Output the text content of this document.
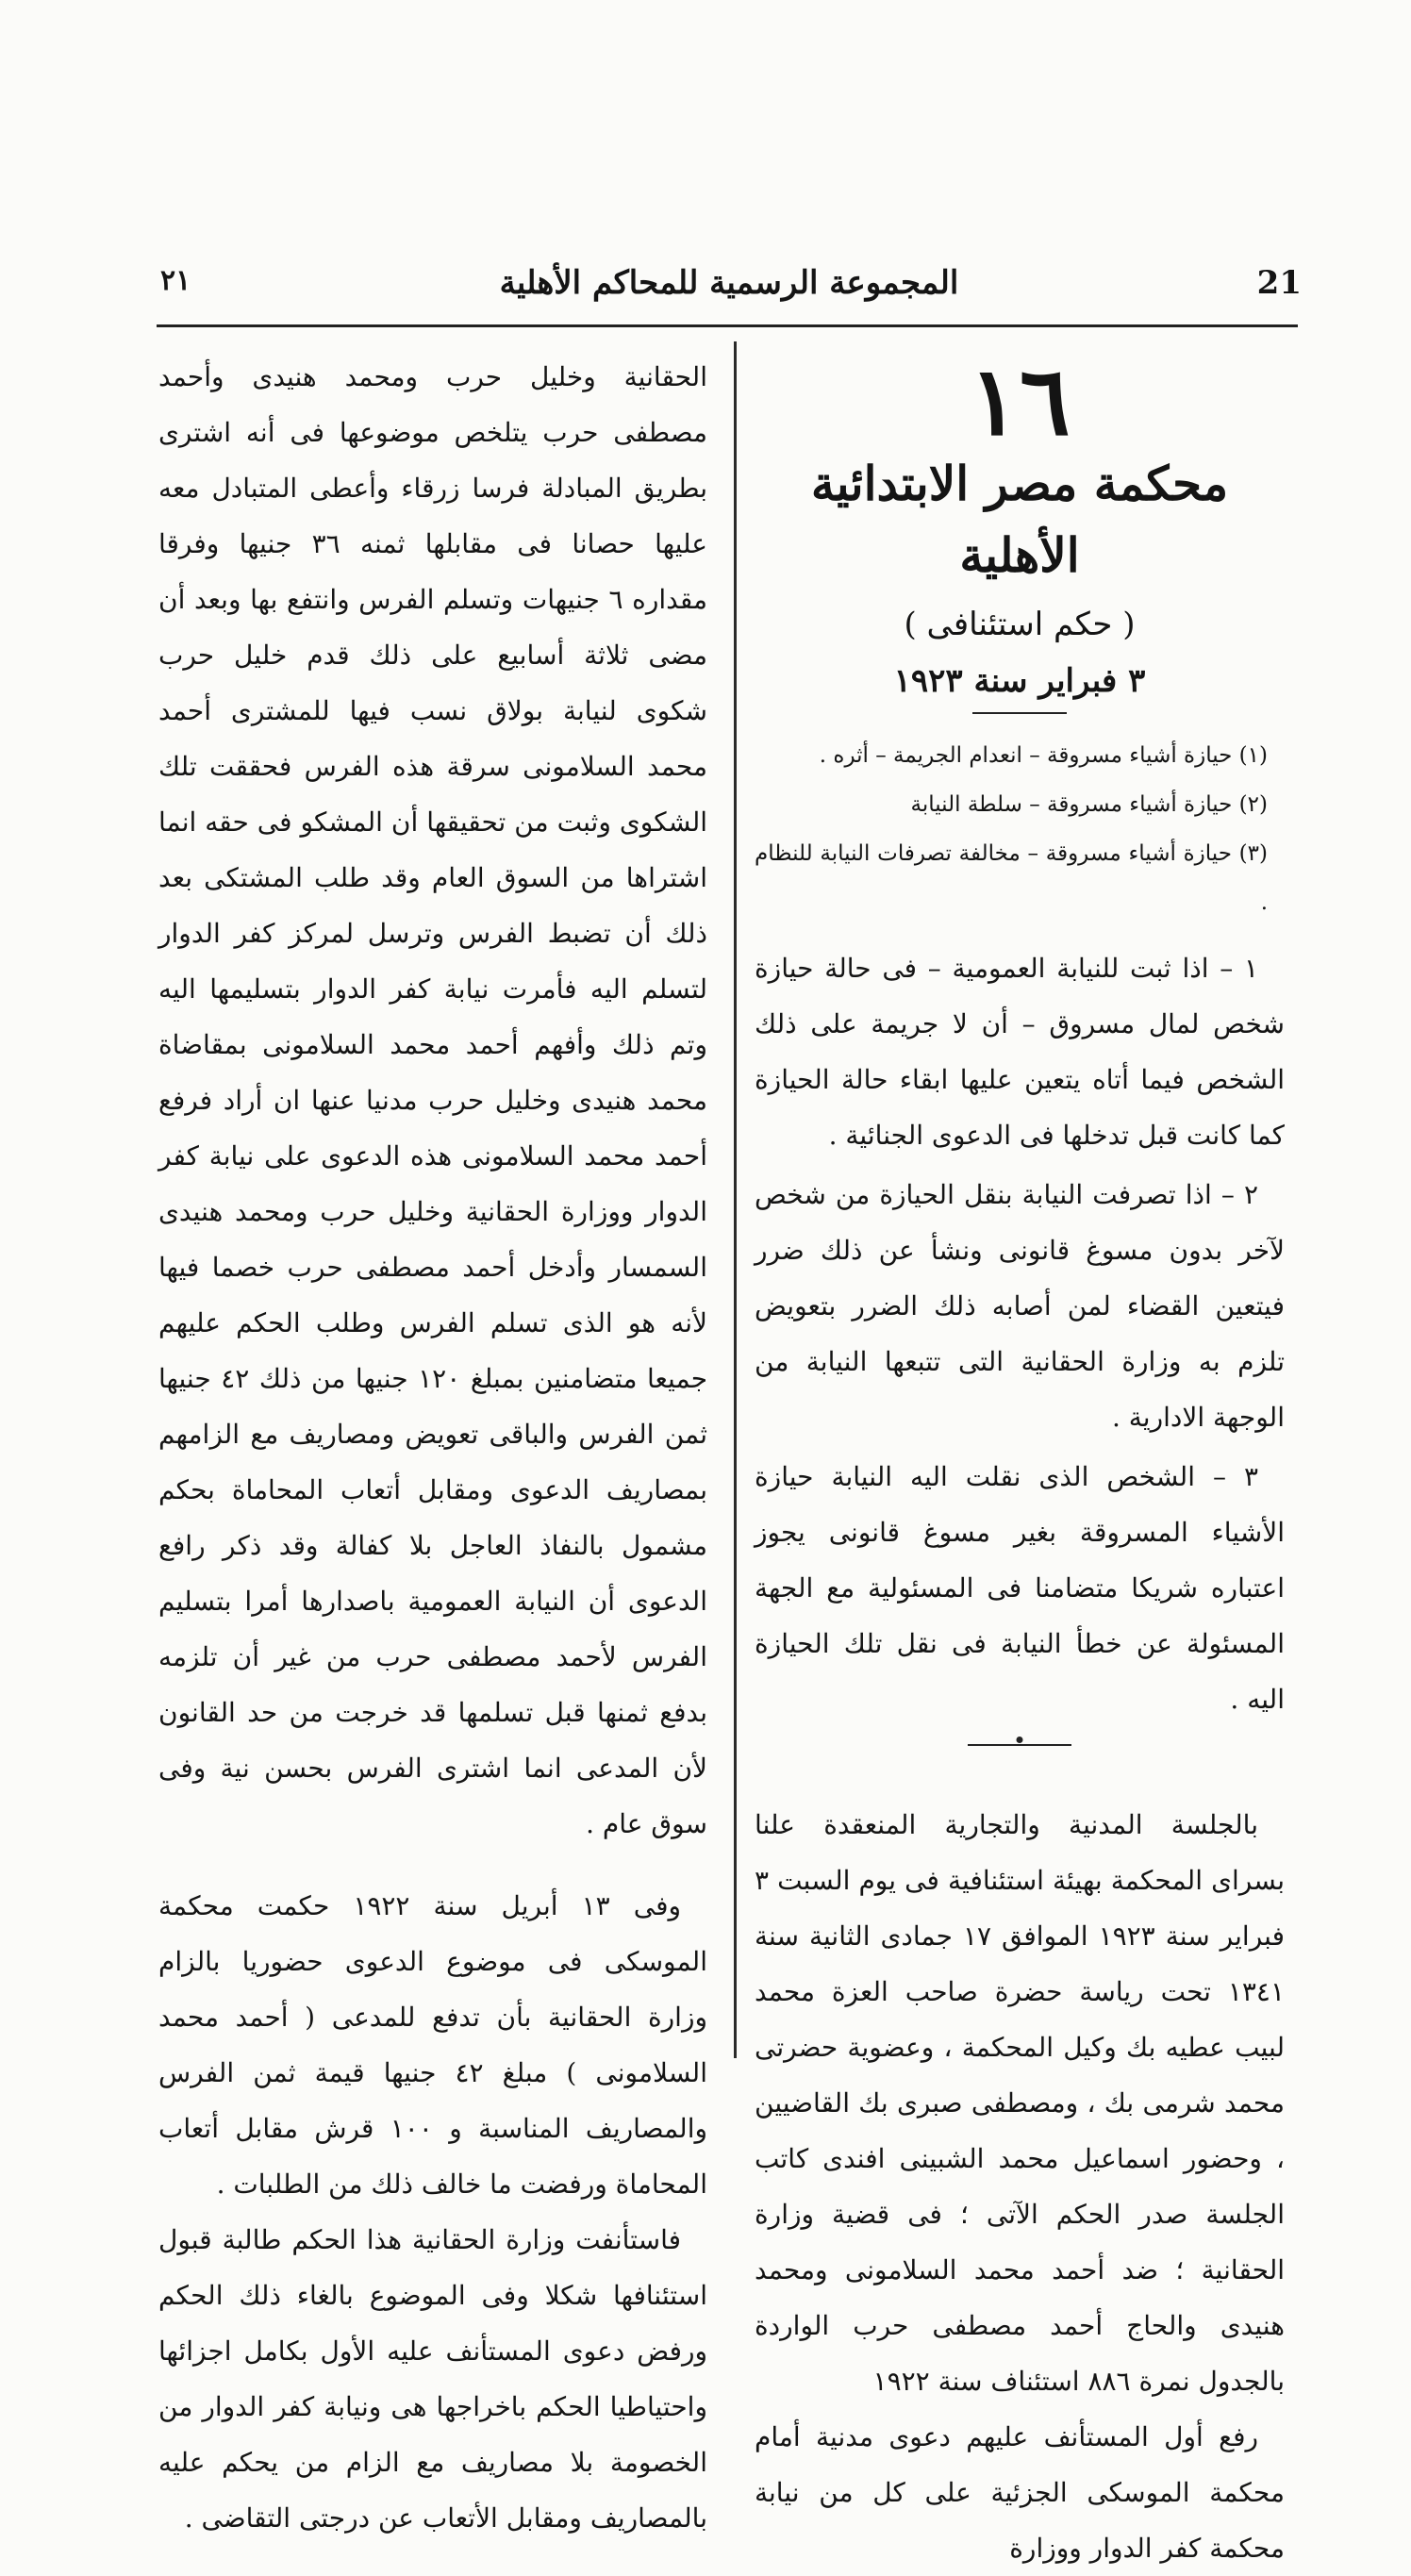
٢١	المجموعة الرسمية للمحاكم الأهلية	21
١٦
محكمة مصر الابتدائية الأهلية
( حكم استئنافى )
٣ فبراير سنة ١٩٢٣
(١) حيازة أشياء مسروقة – انعدام الجريمة – أثره .
(٢) حيازة أشياء مسروقة – سلطة النيابة
(٣) حيازة أشياء مسروقة – مخالفة تصرفات النيابة للنظام .

١ – اذا ثبت للنيابة العمومية – فى حالة حيازة شخص لمال مسروق – أن لا جريمة على ذلك الشخص فيما أتاه يتعين عليها ابقاء حالة الحيازة كما كانت قبل تدخلها فى الدعوى الجنائية .

٢ – اذا تصرفت النيابة بنقل الحيازة من شخص لآخر بدون مسوغ قانونى ونشأ عن ذلك ضرر فيتعين القضاء لمن أصابه ذلك الضرر بتعويض تلزم به وزارة الحقانية التى تتبعها النيابة من الوجهة الادارية .

٣ – الشخص الذى نقلت اليه النيابة حيازة الأشياء المسروقة بغير مسوغ قانونى يجوز اعتباره شريكا متضامنا فى المسئولية مع الجهة المسئولة عن خطأ النيابة فى نقل تلك الحيازة اليه .

بالجلسة المدنية والتجارية المنعقدة علنا بسراى المحكمة بهيئة استئنافية فى يوم السبت ٣ فبراير سنة ١٩٢٣ الموافق ١٧ جمادى الثانية سنة ١٣٤١ تحت رياسة حضرة صاحب العزة محمد لبيب عطيه بك وكيل المحكمة ، وعضوية حضرتى محمد شرمى بك ، ومصطفى صبرى بك القاضيين ، وحضور اسماعيل محمد الشبينى افندى كاتب الجلسة صدر الحكم الآتى ؛ فى قضية وزارة الحقانية ؛ ضد أحمد محمد السلامونى ومحمد هنيدى والحاج أحمد مصطفى حرب الواردة بالجدول نمرة ٨٨٦ استئناف سنة ١٩٢٢

رفع أول المستأنف عليهم دعوى مدنية أمام محكمة الموسكى الجزئية على كل من نيابة محكمة كفر الدوار ووزارة

الحقانية وخليل حرب ومحمد هنيدى وأحمد مصطفى حرب يتلخص موضوعها فى أنه اشترى بطريق المبادلة فرسا زرقاء وأعطى المتبادل معه عليها حصانا فى مقابلها ثمنه ٣٦ جنيها وفرقا مقداره ٦ جنيهات وتسلم الفرس وانتفع بها وبعد أن مضى ثلاثة أسابيع على ذلك قدم خليل حرب شكوى لنيابة بولاق نسب فيها للمشترى أحمد محمد السلامونى سرقة هذه الفرس فحققت تلك الشكوى وثبت من تحقيقها أن المشكو فى حقه انما اشتراها من السوق العام وقد طلب المشتكى بعد ذلك أن تضبط الفرس وترسل لمركز كفر الدوار لتسلم اليه فأمرت نيابة كفر الدوار بتسليمها اليه وتم ذلك وأفهم أحمد محمد السلامونى بمقاضاة محمد هنيدى وخليل حرب مدنيا عنها ان أراد فرفع أحمد محمد السلامونى هذه الدعوى على نيابة كفر الدوار ووزارة الحقانية وخليل حرب ومحمد هنيدى السمسار وأدخل أحمد مصطفى حرب خصما فيها لأنه هو الذى تسلم الفرس وطلب الحكم عليهم جميعا متضامنين بمبلغ ١٢٠ جنيها من ذلك ٤٢ جنيها ثمن الفرس والباقى تعويض ومصاريف مع الزامهم بمصاريف الدعوى ومقابل أتعاب المحاماة بحكم مشمول بالنفاذ العاجل بلا كفالة وقد ذكر رافع الدعوى أن النيابة العمومية باصدارها أمرا بتسليم الفرس لأحمد مصطفى حرب من غير أن تلزمه بدفع ثمنها قبل تسلمها قد خرجت من حد القانون لأن المدعى انما اشترى الفرس بحسن نية وفى سوق عام .

وفى ١٣ أبريل سنة ١٩٢٢ حكمت محكمة الموسكى فى موضوع الدعوى حضوريا بالزام وزارة الحقانية بأن تدفع للمدعى ( أحمد محمد السلامونى ) مبلغ ٤٢ جنيها قيمة ثمن الفرس والمصاريف المناسبة و ١٠٠ قرش مقابل أتعاب المحاماة ورفضت ما خالف ذلك من الطلبات .

فاستأنفت وزارة الحقانية هذا الحكم طالبة قبول استئنافها شكلا وفى الموضوع بالغاء ذلك الحكم ورفض دعوى المستأنف عليه الأول بكامل اجزائها واحتياطيا الحكم باخراجها هى ونيابة كفر الدوار من الخصومة بلا مصاريف مع الزام من يحكم عليه بالمصاريف ومقابل الأتعاب عن درجتى التقاضى .
